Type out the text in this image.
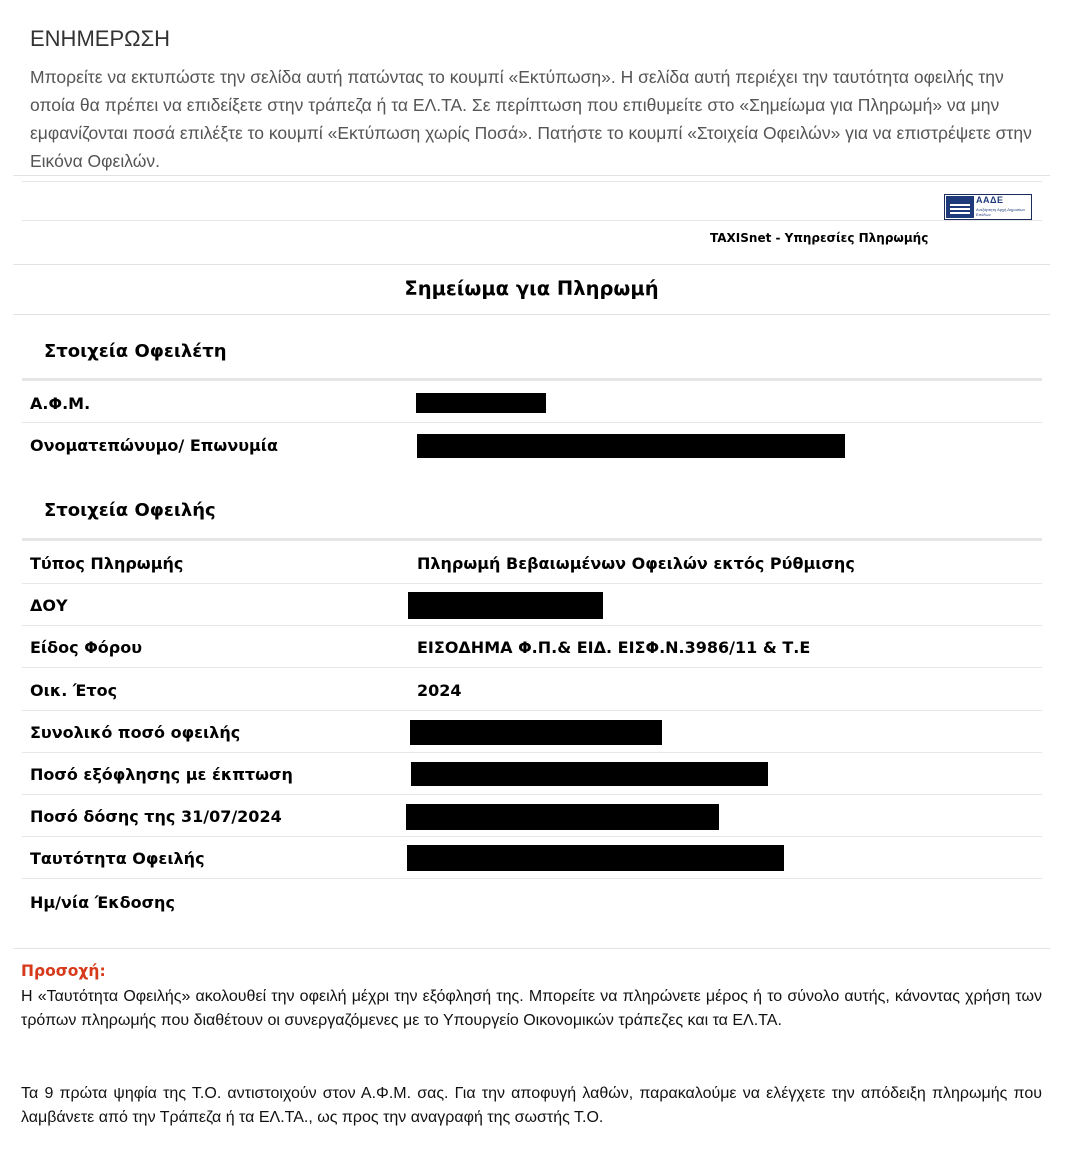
ΕΝΗΜΕΡΩΣΗ
Μπορείτε να εκτυπώστε την σελίδα αυτή πατώντας το κουμπί «Εκτύπωση». Η σελίδα αυτή περιέχει την ταυτότητα οφειλής την οποία θα πρέπει να επιδείξετε στην τράπεζα ή τα ΕΛ.ΤΑ. Σε περίπτωση που επιθυμείτε στο «Σημείωμα για Πληρωμή» να μην εμφανίζονται ποσά επιλέξτε το κουμπί «Εκτύπωση χωρίς Ποσά». Πατήστε το κουμπί «Στοιχεία Οφειλών» για να επιστρέψετε στην Εικόνα Οφειλών.
ΑΑΔΕ
Ανεξάρτητη Αρχή Δημοσίων Εσόδων
TAXISnet - Υπηρεσίες Πληρωμής
Σημείωμα για Πληρωμή
Στοιχεία Οφειλέτη
Α.Φ.Μ.
Ονοματεπώνυμο/ Επωνυμία
Στοιχεία Οφειλής
Τύπος Πληρωμής	Πληρωμή Βεβαιωμένων Οφειλών εκτός Ρύθμισης
ΔΟΥ
Είδος Φόρου	ΕΙΣΟΔΗΜΑ Φ.Π.& ΕΙΔ. ΕΙΣΦ.Ν.3986/11 & Τ.Ε
Οικ. Έτος	2024
Συνολικό ποσό οφειλής
Ποσό εξόφλησης με έκπτωση
Ποσό δόσης της 31/07/2024
Ταυτότητα Οφειλής
Ημ/νία Έκδοσης
Προσοχή:
Η «Ταυτότητα Οφειλής» ακολουθεί την οφειλή μέχρι την εξόφλησή της. Μπορείτε να πληρώνετε μέρος ή το σύνολο αυτής, κάνοντας χρήση των τρόπων πληρωμής που διαθέτουν οι συνεργαζόμενες με το Υπουργείο Οικονομικών τράπεζες και τα ΕΛ.ΤΑ.
Τα 9 πρώτα ψηφία της Τ.Ο. αντιστοιχούν στον Α.Φ.Μ. σας. Για την αποφυγή λαθών, παρακαλούμε να ελέγχετε την απόδειξη πληρωμής που λαμβάνετε από την Τράπεζα ή τα ΕΛ.ΤΑ., ως προς την αναγραφή της σωστής Τ.Ο.
